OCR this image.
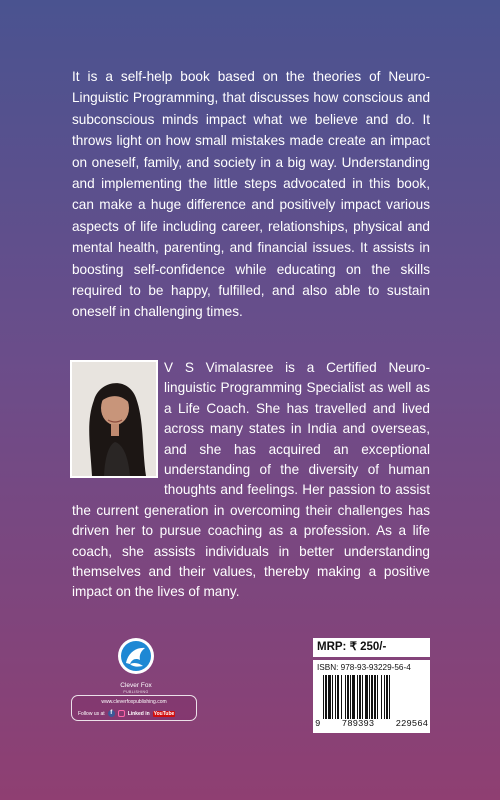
It is a self-help book based on the theories of Neuro-Linguistic Programming, that discusses how conscious and subconscious minds impact what we believe and do. It throws light on how small mistakes made create an impact on oneself, family, and society in a big way. Understanding and implementing the little steps advocated in this book, can make a huge difference and positively impact various aspects of life including career, relationships, physical and mental health, parenting, and financial issues. It assists in boosting self-confidence while educating on the skills required to be happy, fulfilled, and also able to sustain oneself in challenging times.

V S Vimalasree is a Certified Neuro-linguistic Programming Specialist as well as a Life Coach. She has travelled and lived across many states in India and overseas, and she has acquired an exceptional understanding of the diversity of human thoughts and feelings. Her passion to assist the current generation in overcoming their challenges has driven her to pursue coaching as a profession. As a life coach, she assists individuals in better understanding themselves and their values, thereby making a positive impact on the lives of many.
Clever Fox
PUBLISHING
www.cleverfoxpublishing.com
Follow us at f	Linked in YouTube
MRP: ₹ 250/-
ISBN: 978-93-93229-56-4
9 789393 229564
